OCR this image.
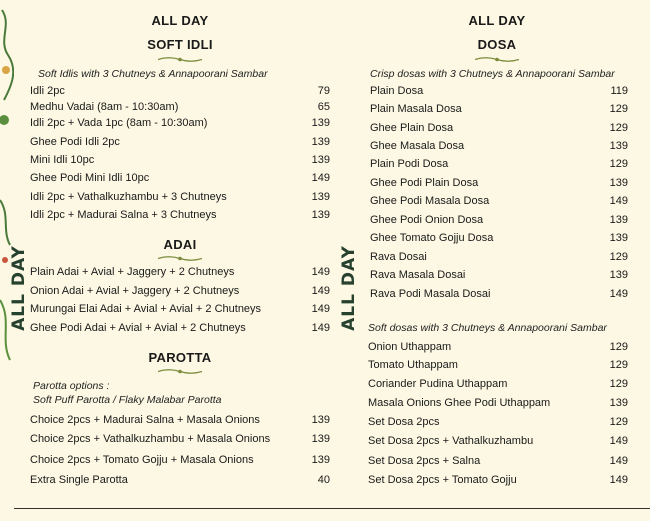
ALL DAY	ALL DAY
ALL DAY
SOFT IDLI
Soft Idlis with 3 Chutneys & Annapoorani Sambar
Idli 2pc	79
Medhu Vadai (8am - 10:30am)	65
Idli 2pc + Vada 1pc (8am - 10:30am)	139
Ghee Podi Idli 2pc	139
Mini Idli 10pc	139
Ghee Podi Mini Idli 10pc	149
Idli 2pc + Vathalkuzhambu + 3 Chutneys	139
Idli 2pc + Madurai Salna + 3 Chutneys	139
ADAI
Plain Adai + Avial + Jaggery + 2 Chutneys	149
Onion Adai + Avial + Jaggery + 2 Chutneys	149
Murungai Elai Adai + Avial + Avial + 2 Chutneys	149
Ghee Podi Adai + Avial + Avial + 2 Chutneys	149
PAROTTA
Parotta options :
Soft Puff Parotta / Flaky Malabar Parotta
Choice 2pcs + Madurai Salna + Masala Onions	139
Choice 2pcs + Vathalkuzhambu + Masala Onions	139
Choice 2pcs + Tomato Gojju + Masala Onions	139
Extra Single Parotta	40
ALL DAY
DOSA
Crisp dosas with 3 Chutneys & Annapoorani Sambar
Plain Dosa	119
Plain Masala Dosa	129
Ghee Plain Dosa	129
Ghee Masala Dosa	139
Plain Podi Dosa	129
Ghee Podi Plain Dosa	139
Ghee Podi Masala Dosa	149
Ghee Podi Onion Dosa	139
Ghee Tomato Gojju Dosa	139
Rava Dosai	129
Rava Masala Dosai	139
Rava Podi Masala Dosai	149
Soft dosas with 3 Chutneys & Annapoorani Sambar
Onion Uthappam	129
Tomato Uthappam	129
Coriander Pudina Uthappam	129
Masala Onions Ghee Podi Uthappam	139
Set Dosa 2pcs	129
Set Dosa 2pcs + Vathalkuzhambu	149
Set Dosa 2pcs + Salna	149
Set Dosa 2pcs + Tomato Gojju	149
